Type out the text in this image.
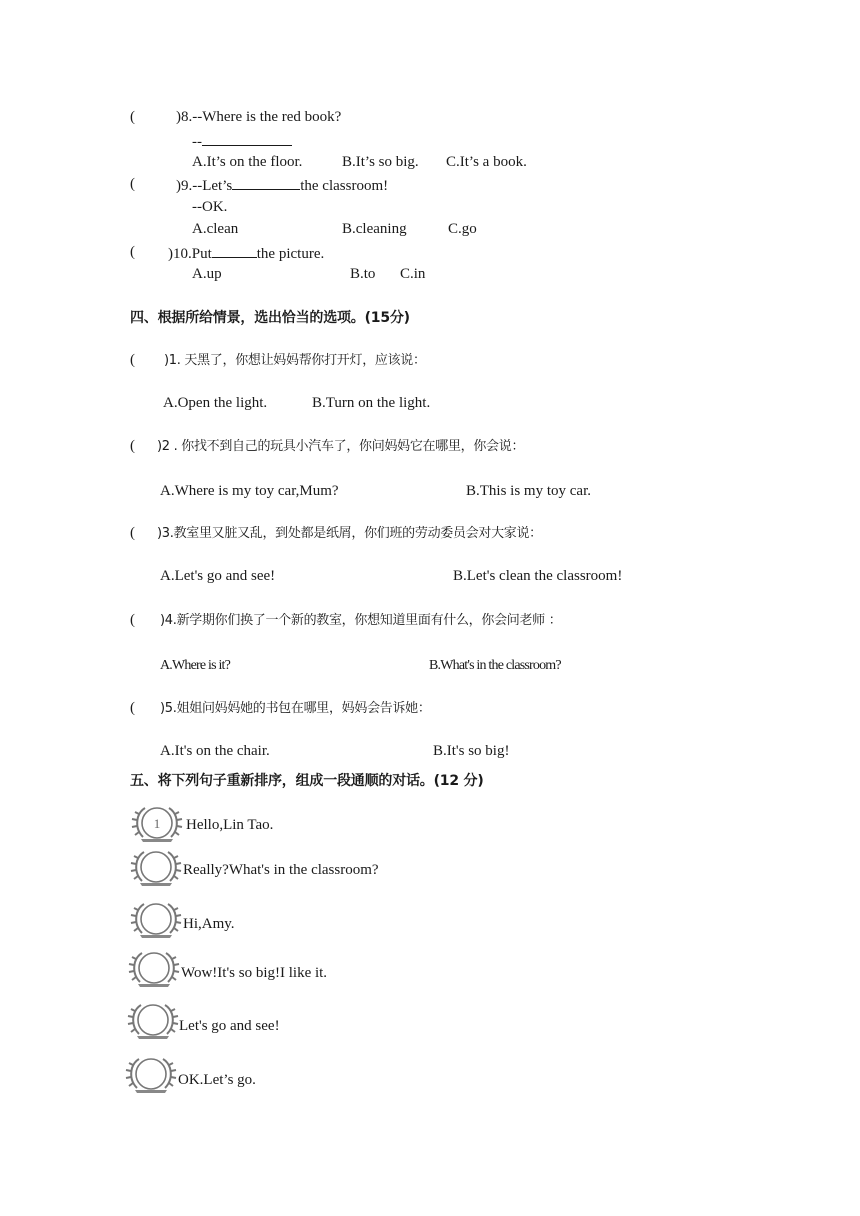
(	)8.--Where is the red book?
--
A.It’s on the floor.	B.It’s so big. C.It’s a book.
(	)9.--Let’s	the classroom!
--OK.
A.clean	B.cleaning	C.go
( )10.Put	the picture.
A.up	B.to C.in
四、根据所给情景，选出恰当的选项。(15分)
( )1. 天黑了，你想让妈妈帮你打开灯，应该说：
A.Open the light.	B.Turn on the light.
( )2 . 你找不到自己的玩具小汽车了，你问妈妈它在哪里，你会说：
A.Where is my toy car,Mum?	B.This is my toy car.
( )3.教室里又脏又乱，到处都是纸屑，你们班的劳动委员会对大家说：
A.Let's go and see!	B.Let's clean the classroom!
( )4.新学期你们换了一个新的教室，你想知道里面有什么，你会问老师 ：
A.Where is it?	B.What's in the classroom?
( )5.姐姐问妈妈她的书包在哪里，妈妈会告诉她：
A.It's on the chair.	B.It's so big!
五、将下列句子重新排序，组成一段通顺的对话。(12 分)
1 Hello,Lin Tao.
Really?What's in the classroom?
Hi,Amy.
Wow!It's so big!I like it.
Let's go and see!
OK.Let’s go.
